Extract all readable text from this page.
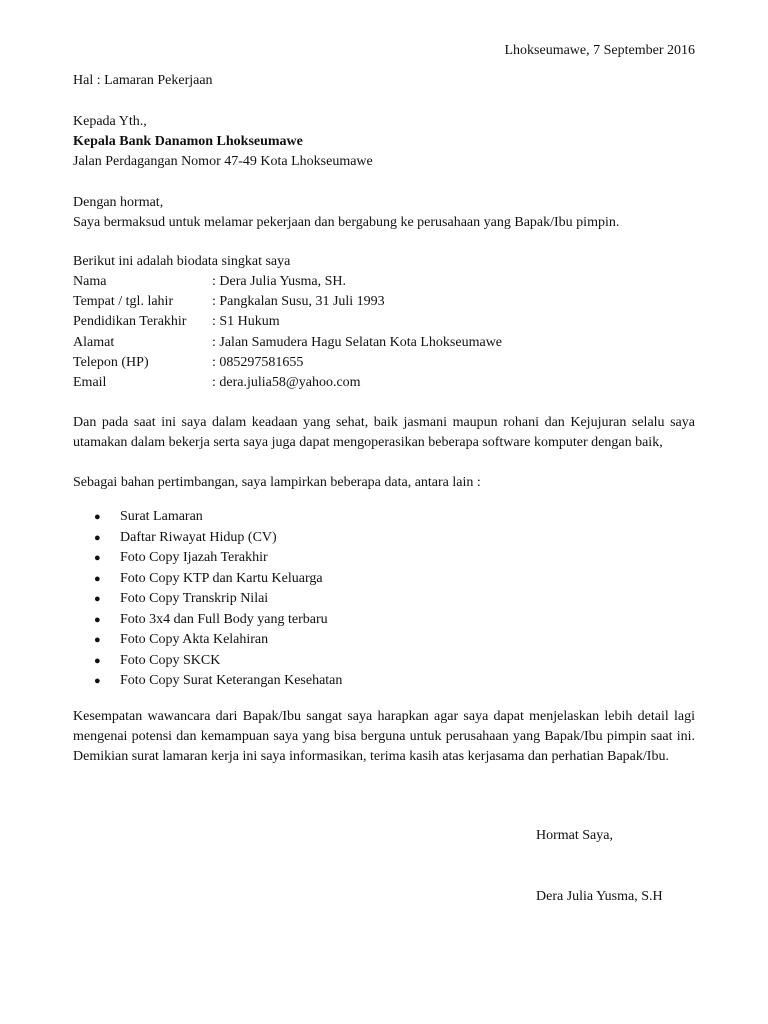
Lhokseumawe, 7 September 2016
Hal : Lamaran Pekerjaan
Kepada Yth.,
Kepala Bank Danamon Lhokseumawe
Jalan Perdagangan Nomor 47-49 Kota Lhokseumawe
Dengan hormat,
Saya bermaksud untuk melamar pekerjaan dan bergabung ke perusahaan yang Bapak/Ibu pimpin.
Berikut ini adalah biodata singkat saya
Nama	: Dera Julia Yusma, SH.
Tempat / tgl. lahir	: Pangkalan Susu, 31 Juli 1993
Pendidikan Terakhir	: S1 Hukum
Alamat	: Jalan Samudera Hagu Selatan Kota Lhokseumawe
Telepon (HP)	: 085297581655
Email	: dera.julia58@yahoo.com
Dan pada saat ini saya dalam keadaan yang sehat, baik jasmani maupun rohani dan Kejujuran selalu saya utamakan dalam bekerja serta saya juga dapat mengoperasikan beberapa software komputer dengan baik,
Sebagai bahan pertimbangan, saya lampirkan beberapa data, antara lain :
● Surat Lamaran
● Daftar Riwayat Hidup (CV)
● Foto Copy Ijazah Terakhir
● Foto Copy KTP dan Kartu Keluarga
● Foto Copy Transkrip Nilai
● Foto 3x4 dan Full Body yang terbaru
● Foto Copy Akta Kelahiran
● Foto Copy SKCK
● Foto Copy Surat Keterangan Kesehatan
Kesempatan wawancara dari Bapak/Ibu sangat saya harapkan agar saya dapat menjelaskan lebih detail lagi mengenai potensi dan kemampuan saya yang bisa berguna untuk perusahaan yang Bapak/Ibu pimpin saat ini. Demikian surat lamaran kerja ini saya informasikan, terima kasih atas kerjasama dan perhatian Bapak/Ibu.
Hormat Saya,
Dera Julia Yusma, S.H
